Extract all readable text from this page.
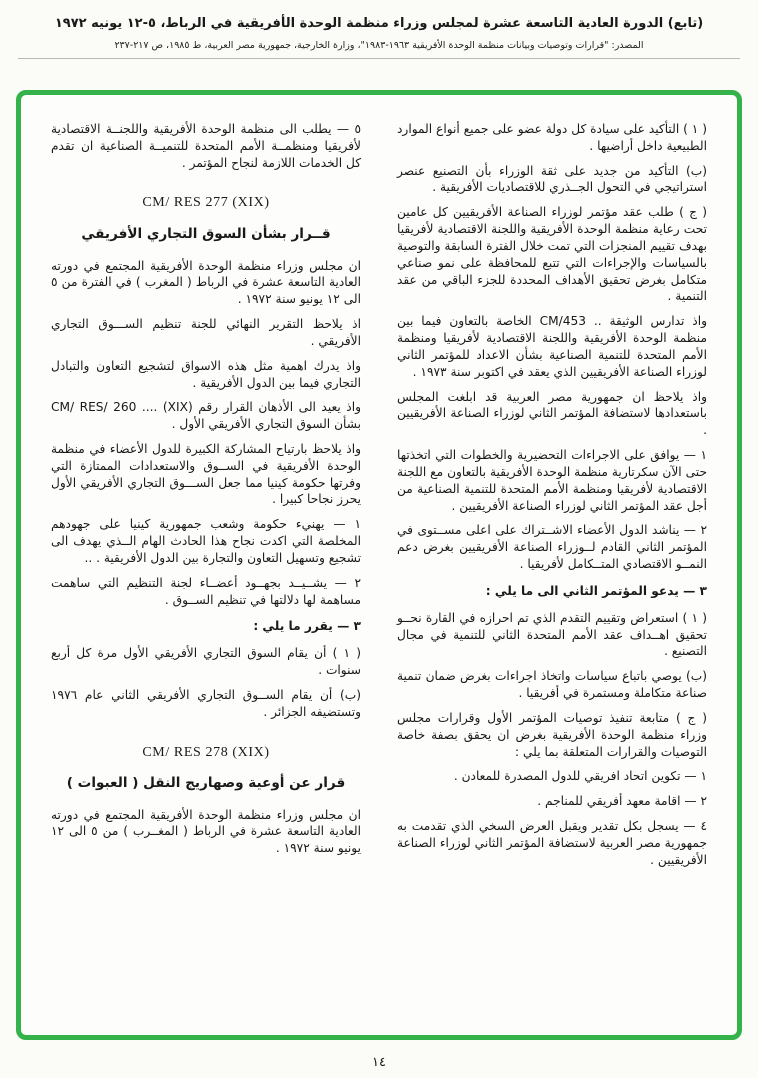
(تابع) الدورة العادية التاسعة عشرة لمجلس وزراء منظمة الوحدة الأفريقية في الرباط، ٥-١٢ يونيه ١٩٧٢
المصدر: "قرارات وتوصيات وبيانات منظمة الوحدة الأفريقية ١٩٦٣-١٩٨٣"، وزارة الخارجية، جمهورية مصر العربية، ط ١٩٨٥، ص ٢١٧-٢٣٧
( ١ ) التأكيد على سيادة كل دولة عضو على جميع أنواع الموارد الطبيعية داخل أراضيها .
(ب) التأكيد من جديد على ثقة الوزراء بأن التصنيع عنصر استراتيجي في التحول الجــذري للاقتصاديات الأفريقية .
( ج ) طلب عقد مؤتمر لوزراء الصناعة الأفريقيين كل عامين تحت رعاية منظمة الوحدة الأفريقية واللجنة الاقتصادية لأفريقيا بهدف تقييم المنجزات التي تمت خلال الفترة السابقة والتوصية بالسياسات والإجراءات التي تتبع للمحافظة على نمو صناعي متكامل بغرض تحقيق الأهداف المحددة للجزء الباقي من عقد التنمية .
واذ تدارس الوثيقة .. CM/453 الخاصة بالتعاون فيما بين منظمة الوحدة الأفريقية واللجنة الاقتصادية لأفريقيا ومنظمة الأمم المتحدة للتنمية الصناعية بشأن الاعداد للمؤتمر الثاني لوزراء الصناعة الأفريقيين الذي يعقد في اكتوبر سنة ١٩٧٣ .
واذ يلاحظ ان جمهورية مصر العربية قد ابلغت المجلس باستعدادها لاستضافة المؤتمر الثاني لوزراء الصناعة الأفريقيين .
١ — يوافق على الاجراءات التحضيرية والخطوات التي اتخذتها حتى الآن سكرتارية منظمة الوحدة الأفريقية بالتعاون مع اللجنة الاقتصادية لأفريقيا ومنظمة الأمم المتحدة للتنمية الصناعية من أجل عقد المؤتمر الثاني لوزراء الصناعة الأفريقيين .
٢ — يناشد الدول الأعضاء الاشــتراك على اعلى مســتوى في المؤتمر الثاني القادم لــوزراء الصناعة الأفريقيين بغرض دعم النمــو الاقتصادي المتــكامل لأفريقيا .
٣ — يدعو المؤتمر الثاني الى ما يلي :
( ١ ) استعراض وتقييم التقدم الذي تم احرازه في القارة نحــو تحقيق اهــداف عقد الأمم المتحدة الثاني للتنمية في مجال التصنيع .
(ب) يوصي باتباع سياسات واتخاذ اجراءات بغرض ضمان تنمية صناعة متكاملة ومستمرة في أفريقيا .
( ج ) متابعة تنفيذ توصيات المؤتمر الأول وقرارات مجلس وزراء منظمة الوحدة الأفريقية بغرض ان يحقق بصفة خاصة التوصيات والقرارات المتعلقة بما يلي :
١ — تكوين اتحاد افريقي للدول المصدرة للمعادن .
٢ — اقامة معهد أفريقي للمناجم .
٤ — يسجل بكل تقدير ويقبل العرض السخي الذي تقدمت به جمهورية مصر العربية لاستضافة المؤتمر الثاني لوزراء الصناعة الأفريقيين .
٥ — يطلب الى منظمة الوحدة الأفريقية واللجنــة الاقتصادية لأفريقيا ومنظمــة الأمم المتحدة للتنميــة الصناعية ان تقدم كل الخدمات اللازمة لنجاح المؤتمر .
CM/ RES 277 (XIX)
قــرار بشأن السوق التجاري الأفريقي
ان مجلس وزراء منظمة الوحدة الأفريقية المجتمع في دورته العادية التاسعة عشرة في الرباط ( المغرب ) في الفترة من ٥ الى ١٢ يونيو سنة ١٩٧٢ .
اذ يلاحظ التقرير النهائي للجنة تنظيم الســـوق التجاري الأفريقي .
واذ يدرك اهمية مثل هذه الاسواق لتشجيع التعاون والتبادل التجاري فيما بين الدول الأفريقية .
واذ يعيد الى الأذهان القرار رقم CM/ RES/ 260 .... (XIX) بشأن السوق التجاري الأفريقي الأول .
واذ يلاحظ بارتياح المشاركة الكبيرة للدول الأعضاء في منظمة الوحدة الأفريقية في الســوق والاستعدادات الممتازة التي وفرتها حكومة كينيا مما جعل الســـوق التجاري الأفريقي الأول يحرز نجاحا كبيرا .
١ — يهنيء حكومة وشعب جمهورية كينيا على جهودهم المخلصة التي اكدت نجاح هذا الحادث الهام الــذي يهدف الى تشجيع وتسهيل التعاون والتجارة بين الدول الأفريقية . ..
٢ — يشــيــد بجهــود أعضــاء لجنة التنظيم التي ساهمت مساهمة لها دلالتها في تنظيم الســوق .
٣ — يقرر ما يلي :
( ١ ) أن يقام السوق التجاري الأفريقي الأول مرة كل أربع سنوات .
(ب) أن يقام الســوق التجاري الأفريقي الثاني عام ١٩٧٦ وتستضيفه الجزائر .
CM/ RES 278 (XIX)
قرار عن أوعية وصهاريج النقل ( العبوات )
ان مجلس وزراء منظمة الوحدة الأفريقية المجتمع في دورته العادية التاسعة عشرة في الرباط ( المغــرب ) من ٥ الى ١٢ يونيو سنة ١٩٧٢ .
١٤
